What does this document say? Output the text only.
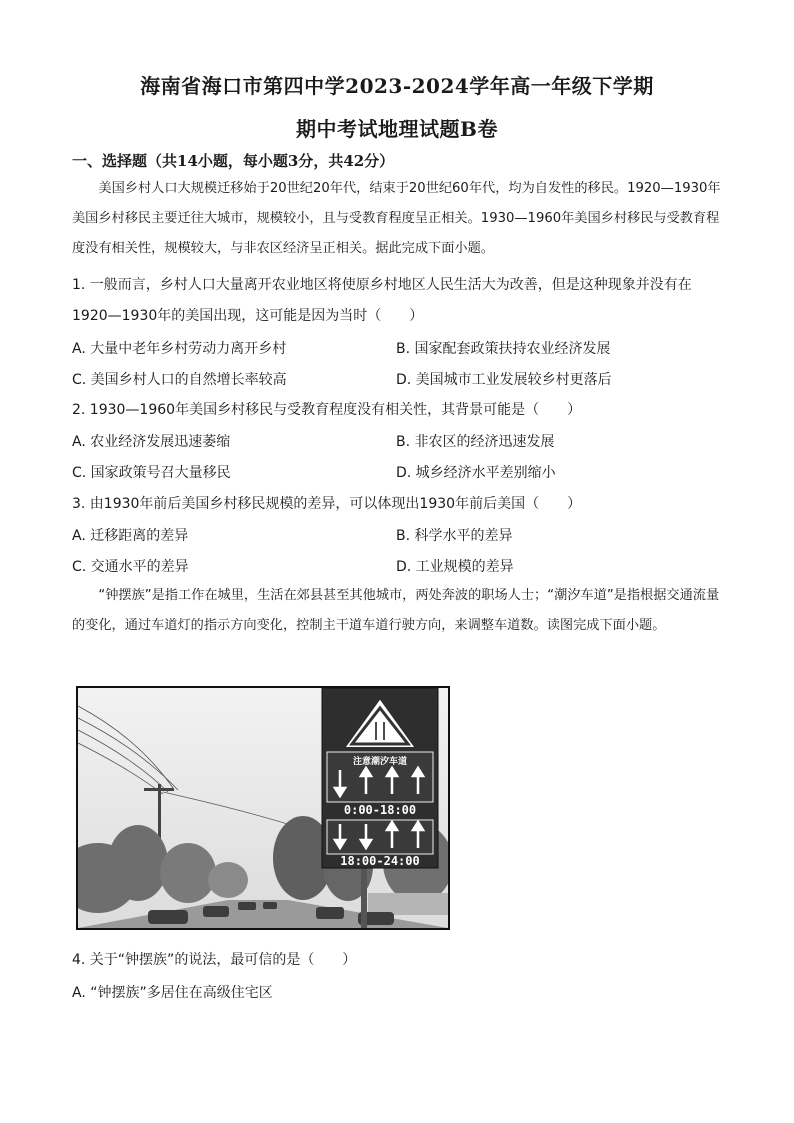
海南省海口市第四中学2023-2024学年高一年级下学期
期中考试地理试题B卷
一、选择题（共14小题，每小题3分，共42分）
美国乡村人口大规模迁移始于20世纪20年代，结束于20世纪60年代，均为自发性的移民。1920—1930年美国乡村移民主要迁往大城市，规模较小，且与受教育程度呈正相关。1930—1960年美国乡村移民与受教育程度没有相关性，规模较大，与非农区经济呈正相关。据此完成下面小题。
1. 一般而言，乡村人口大量离开农业地区将使原乡村地区人民生活大为改善，但是这种现象并没有在
1920—1930年的美国出现，这可能是因为当时（　　）
A. 大量中老年乡村劳动力离开乡村	B. 国家配套政策扶持农业经济发展
C. 美国乡村人口的自然增长率较高	D. 美国城市工业发展较乡村更落后
2. 1930—1960年美国乡村移民与受教育程度没有相关性，其背景可能是（　　）
A. 农业经济发展迅速萎缩	B. 非农区的经济迅速发展
C. 国家政策号召大量移民	D. 城乡经济水平差别缩小
3. 由1930年前后美国乡村移民规模的差异，可以体现出1930年前后美国（　　）
A. 迁移距离的差异	B. 科学水平的差异
C. 交通水平的差异	D. 工业规模的差异
“钟摆族”是指工作在城里，生活在郊县甚至其他城市，两处奔波的职场人士；“潮汐车道”是指根据交通流量的变化，通过车道灯的指示方向变化，控制主干道车道行驶方向，来调整车道数。读图完成下面小题。
注意潮汐车道
0:00-18:00
18:00-24:00
4. 关于“钟摆族”的说法，最可信的是（　　）
A. “钟摆族”多居住在高级住宅区
